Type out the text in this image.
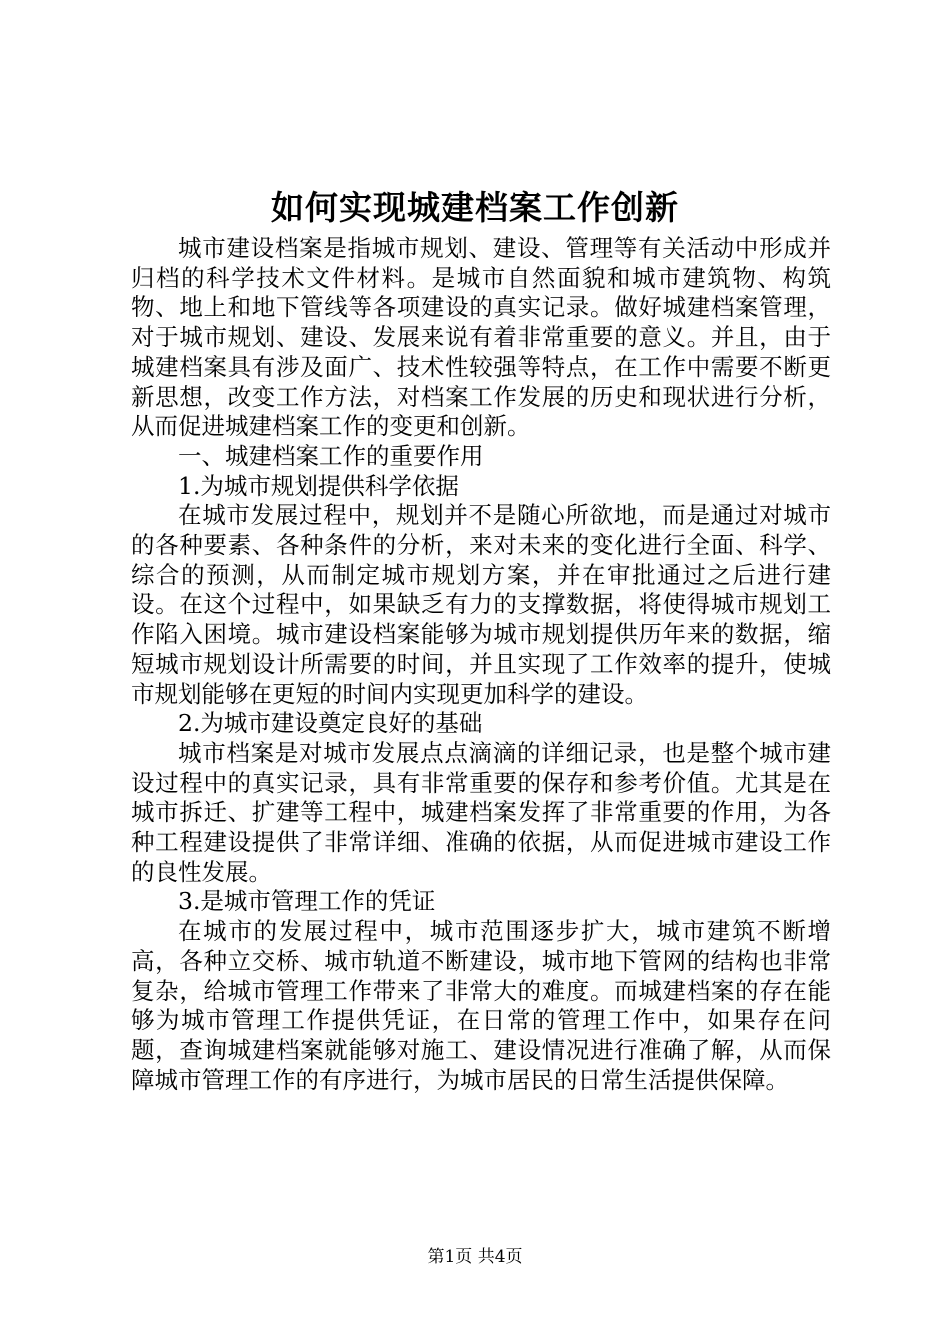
如何实现城建档案工作创新

城市建设档案是指城市规划、建设、管理等有关活动中形成并归档的科学技术文件材料。是城市自然面貌和城市建筑物、构筑物、地上和地下管线等各项建设的真实记录。做好城建档案管理，对于城市规划、建设、发展来说有着非常重要的意义。并且，由于城建档案具有涉及面广、技术性较强等特点，在工作中需要不断更新思想，改变工作方法，对档案工作发展的历史和现状进行分析，从而促进城建档案工作的变更和创新。

一、城建档案工作的重要作用

1.为城市规划提供科学依据

在城市发展过程中，规划并不是随心所欲地，而是通过对城市的各种要素、各种条件的分析，来对未来的变化进行全面、科学、综合的预测，从而制定城市规划方案，并在审批通过之后进行建设。在这个过程中，如果缺乏有力的支撑数据，将使得城市规划工作陷入困境。城市建设档案能够为城市规划提供历年来的数据，缩短城市规划设计所需要的时间，并且实现了工作效率的提升，使城市规划能够在更短的时间内实现更加科学的建设。

2.为城市建设奠定良好的基础

城市档案是对城市发展点点滴滴的详细记录，也是整个城市建设过程中的真实记录，具有非常重要的保存和参考价值。尤其是在城市拆迁、扩建等工程中，城建档案发挥了非常重要的作用，为各种工程建设提供了非常详细、准确的依据，从而促进城市建设工作的良性发展。

3.是城市管理工作的凭证

在城市的发展过程中，城市范围逐步扩大，城市建筑不断增高，各种立交桥、城市轨道不断建设，城市地下管网的结构也非常复杂，给城市管理工作带来了非常大的难度。而城建档案的存在能够为城市管理工作提供凭证，在日常的管理工作中，如果存在问题，查询城建档案就能够对施工、建设情况进行准确了解，从而保障城市管理工作的有序进行，为城市居民的日常生活提供保障。

第1页 共4页
